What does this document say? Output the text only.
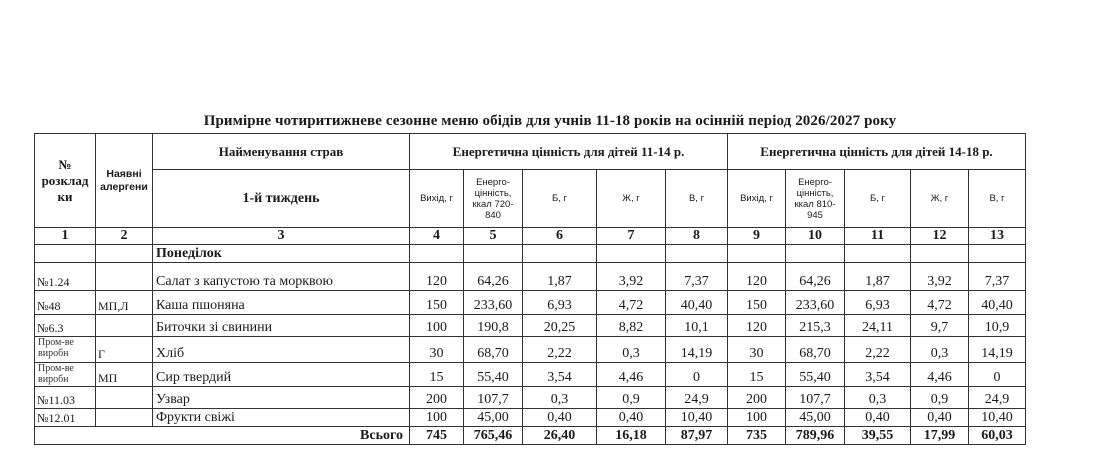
Примірне чотиритижневе сезонне меню обідів для учнів 11-18 років на осінній період 2026/2027 року
№ розклад ки	Наявні алергени	Найменування страв	Енергетична цінність для дітей 11-14 р.					Енергетична цінність для дітей 14-18 р.				
		1-й тиждень	Вихід, г	Енерго-цінність, ккал 720-840	Б, г	Ж, г	В, г	Вихід, г	Енерго-цінність, ккал 810-945	Б, г	Ж, г	В, г
1	2	3	4	5	6	7	8	9	10	11	12	13
		Понеділок										
№1.24		Салат з капустою та морквою	120	64,26	1,87	3,92	7,37	120	64,26	1,87	3,92	7,37
№48	МП,Л	Каша пшоняна	150	233,60	6,93	4,72	40,40	150	233,60	6,93	4,72	40,40
№6.3		Биточки зі свинини	100	190,8	20,25	8,82	10,1	120	215,3	24,11	9,7	10,9
Пром-ве виробн	Г	Хліб	30	68,70	2,22	0,3	14,19	30	68,70	2,22	0,3	14,19
Пром-ве виробн	МП	Сир твердий	15	55,40	3,54	4,46	0	15	55,40	3,54	4,46	0
№11.03		Узвар	200	107,7	0,3	0,9	24,9	200	107,7	0,3	0,9	24,9
№12.01		Фрукти свіжі	100	45,00	0,40	0,40	10,40	100	45,00	0,40	0,40	10,40
Всього			745	765,46	26,40	16,18	87,97	735	789,96	39,55	17,99	60,03
